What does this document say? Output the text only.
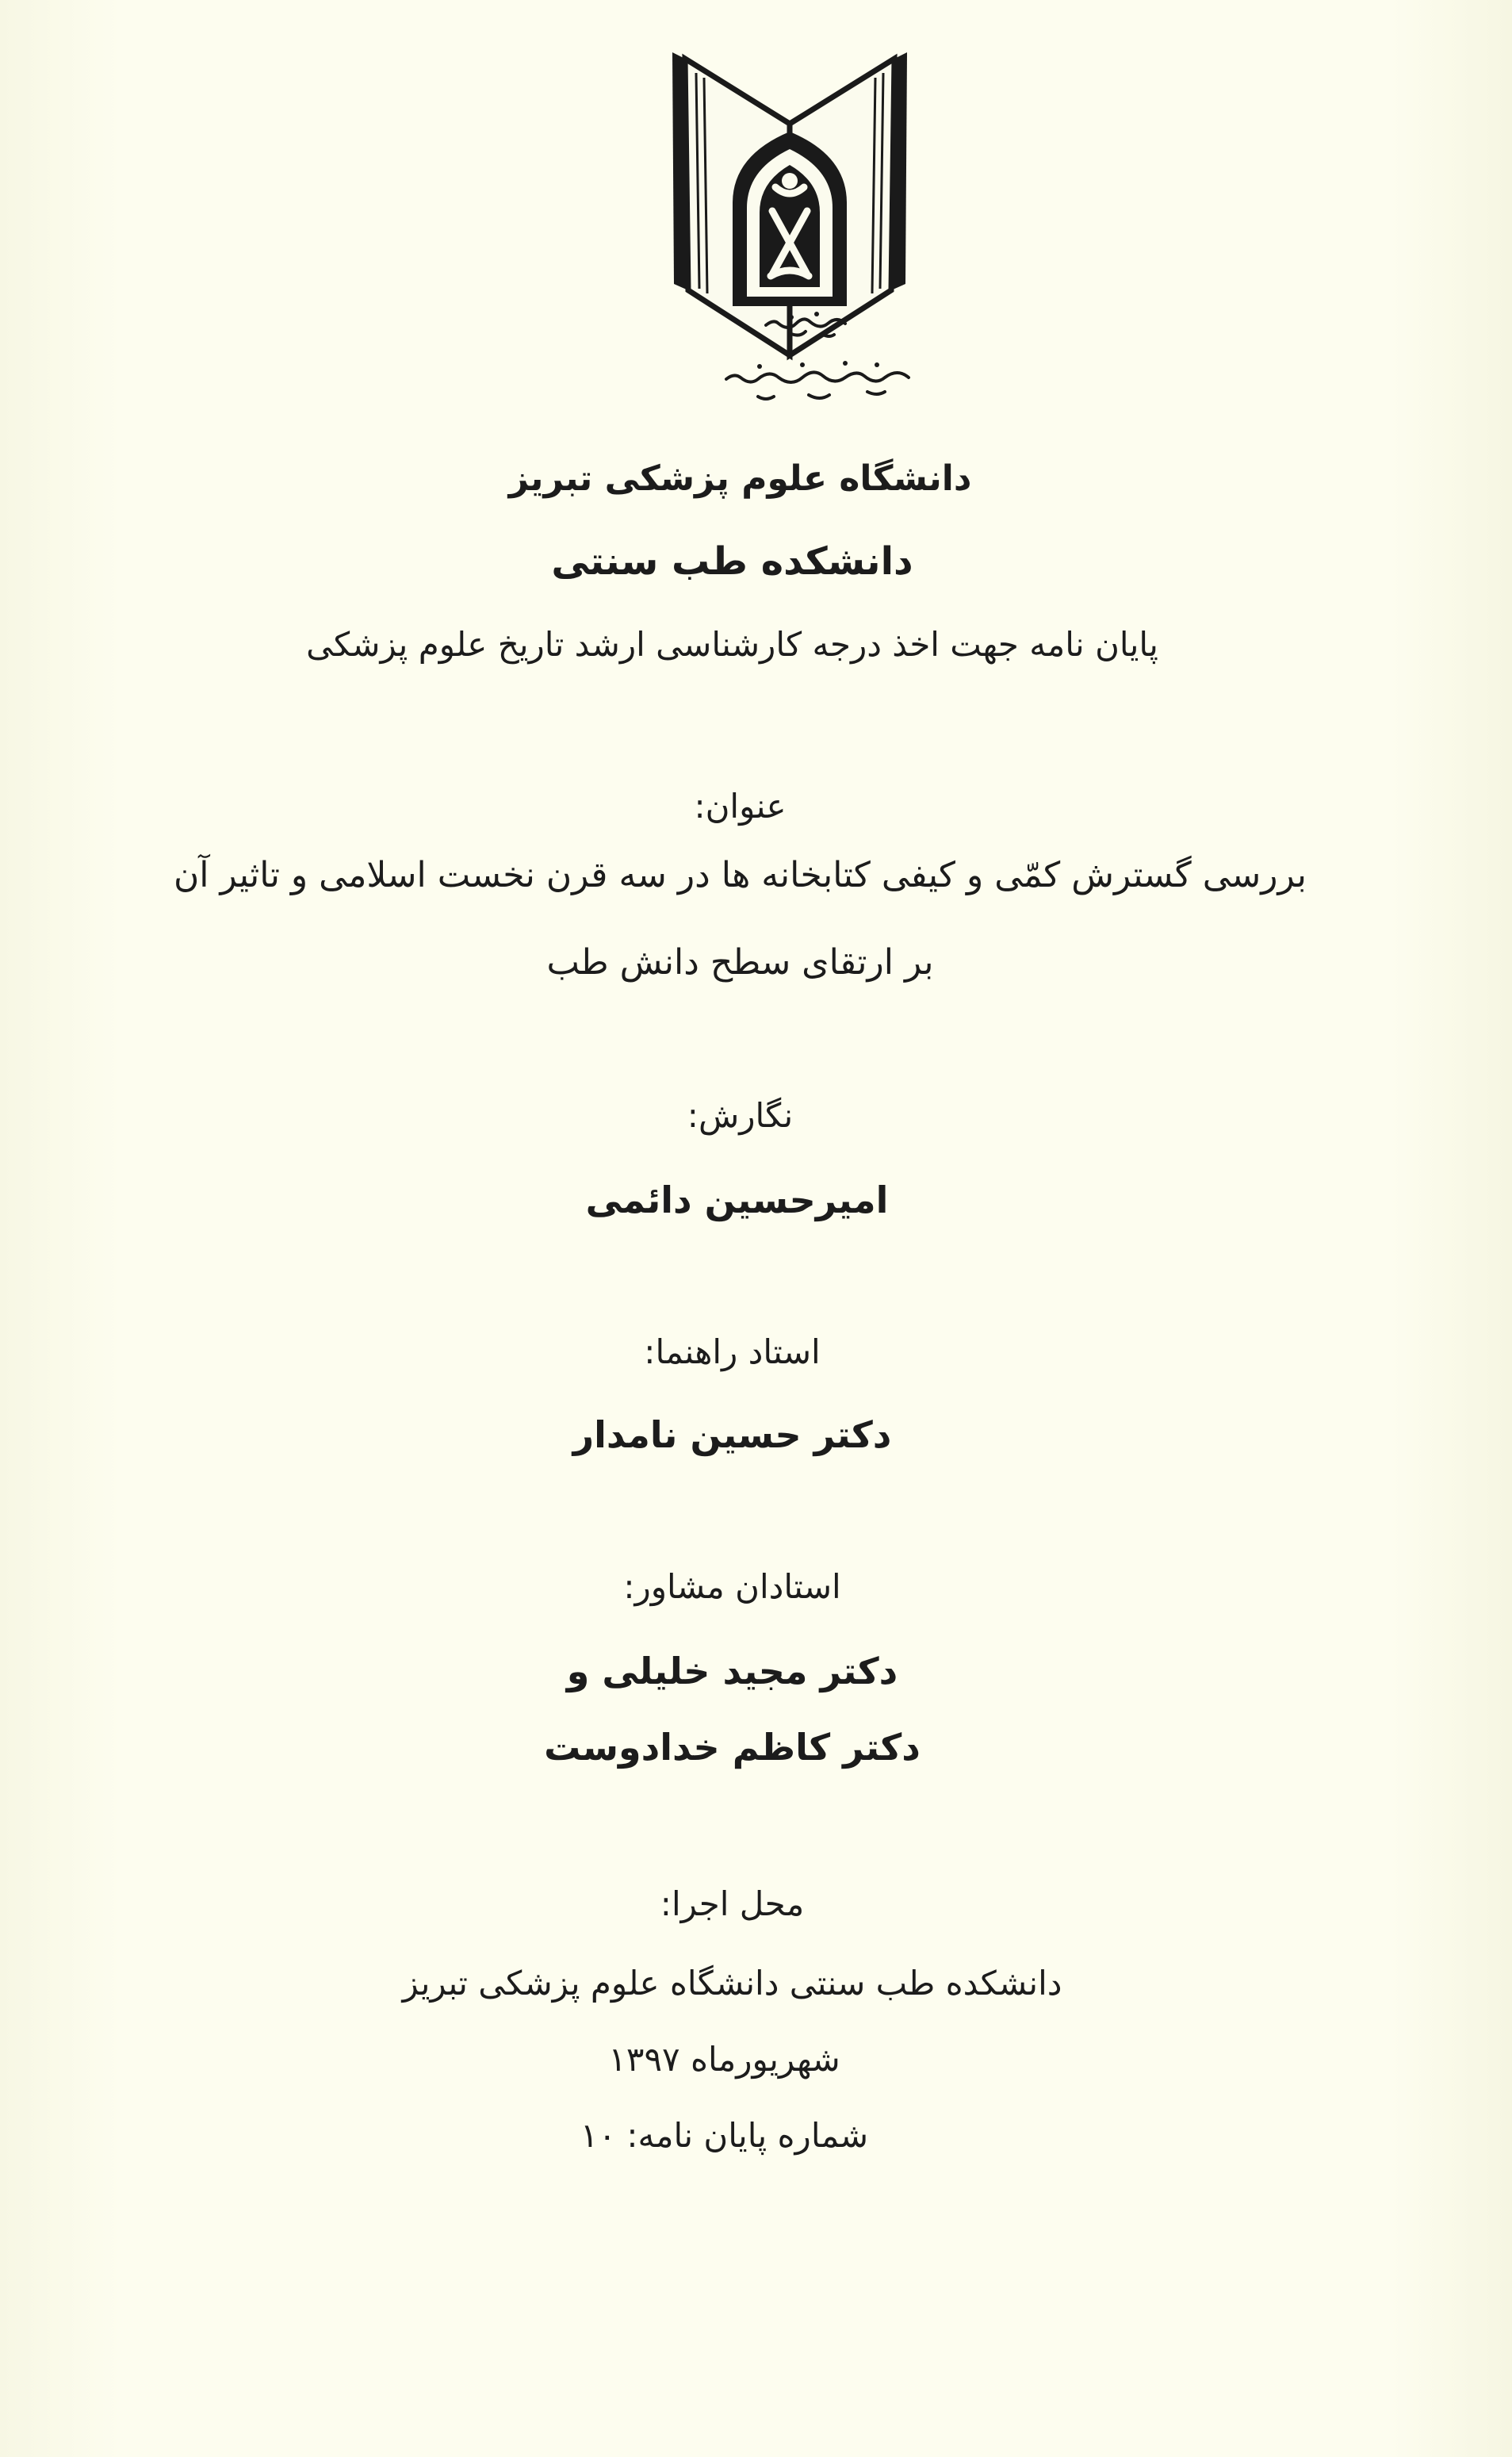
دانشگاه علوم پزشکی تبریز
دانشکده طب سنتی
پایان نامه جهت اخذ درجه کارشناسی ارشد تاریخ علوم پزشکی
عنوان:
بررسی گسترش کمّی و کیفی کتابخانه ها در سه قرن نخست اسلامی و تاثیر آن
بر ارتقای سطح دانش طب
نگارش:
امیرحسین دائمی
استاد راهنما:
دکتر حسین نامدار
استادان مشاور:
دکتر مجید خلیلی و
دکتر کاظم خدادوست
محل اجرا:
دانشکده طب سنتی دانشگاه علوم پزشکی تبریز
شهریورماه ۱۳۹۷
شماره پایان نامه: ۱۰
